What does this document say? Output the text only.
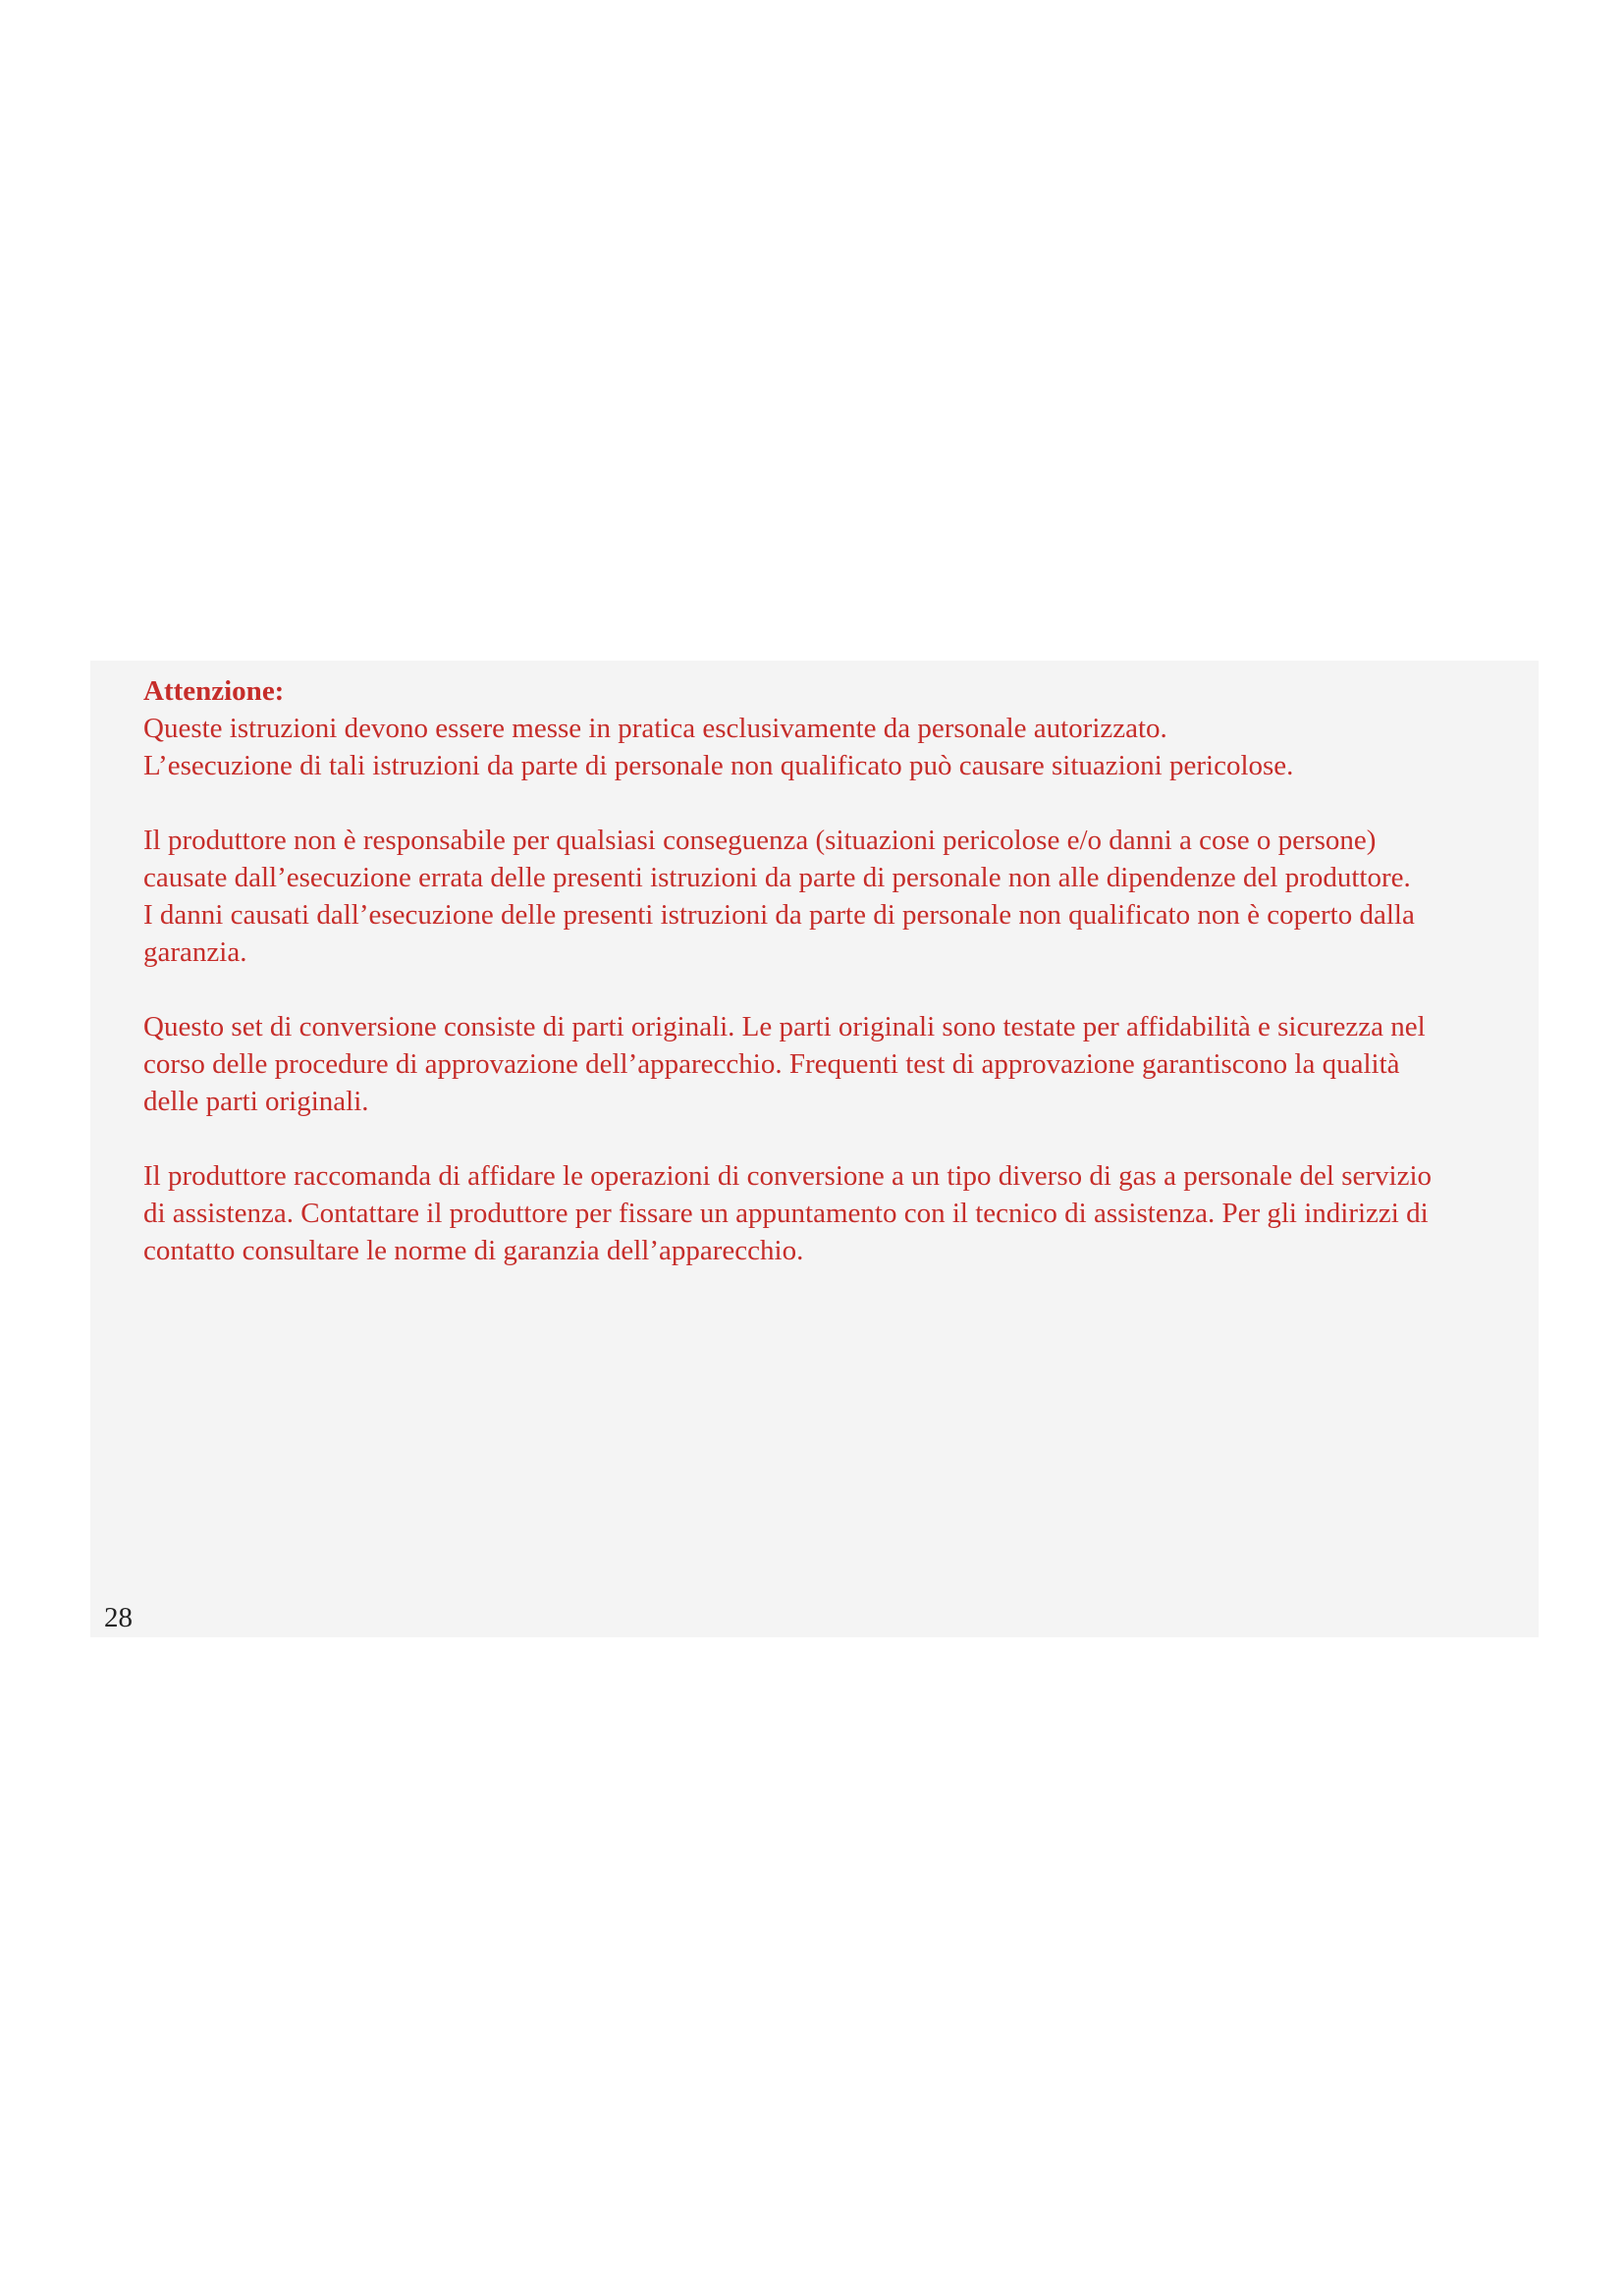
Attenzione:

Queste istruzioni devono essere messe in pratica esclusivamente da personale autorizzato.
L’esecuzione di tali istruzioni da parte di personale non qualificato può causare situazioni pericolose.

Il produttore non è responsabile per qualsiasi conseguenza (situazioni pericolose e/o danni a cose o persone)
causate dall’esecuzione errata delle presenti istruzioni da parte di personale non alle dipendenze del produttore.
I danni causati dall’esecuzione delle presenti istruzioni da parte di personale non qualificato non è coperto dalla
garanzia.

Questo set di conversione consiste di parti originali. Le parti originali sono testate per affidabilità e sicurezza nel
corso delle procedure di approvazione dell’apparecchio. Frequenti test di approvazione garantiscono la qualità
delle parti originali.

Il produttore raccomanda di affidare le operazioni di conversione a un tipo diverso di gas a personale del servizio
di assistenza. Contattare il produttore per fissare un appuntamento con il tecnico di assistenza. Per gli indirizzi di
contatto consultare le norme di garanzia dell’apparecchio.

28
